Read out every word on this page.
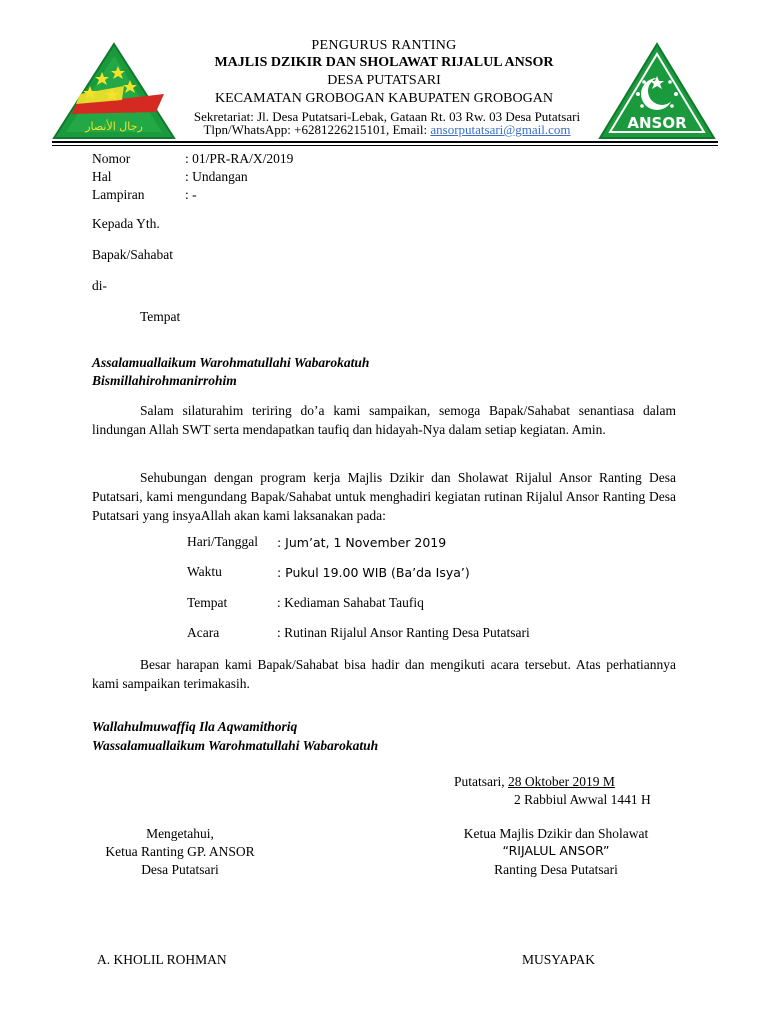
رجال الأنصار	ANSOR
PENGURUS RANTING
MAJLIS DZIKIR DAN SHOLAWAT RIJALUL ANSOR
DESA PUTATSARI
KECAMATAN GROBOGAN KABUPATEN GROBOGAN
Sekretariat: Jl. Desa Putatsari-Lebak, Gataan Rt. 03 Rw. 03 Desa Putatsari
Tlpn/WhatsApp: +6281226215101, Email: ansorputatsari@gmail.com
Nomor	: 01/PR-RA/X/2019
Hal	: Undangan
Lampiran	: -
Kepada Yth.
Bapak/Sahabat
di-
Tempat
Assalamuallaikum Warohmatullahi Wabarokatuh
Bismillahirohmanirrohim
Salam silaturahim teriring do’a kami sampaikan, semoga Bapak/Sahabat senantiasa dalam lindungan Allah SWT serta mendapatkan taufiq dan hidayah-Nya dalam setiap kegiatan. Amin.
Sehubungan dengan program kerja Majlis Dzikir dan Sholawat Rijalul Ansor Ranting Desa Putatsari, kami mengundang Bapak/Sahabat untuk menghadiri kegiatan rutinan Rijalul Ansor Ranting Desa Putatsari yang insyaAllah akan kami laksanakan pada:
Hari/Tanggal : Jum’at, 1 November 2019
Waktu	: Pukul 19.00 WIB (Ba’da Isya’)
Tempat	: Kediaman Sahabat Taufiq
Acara	: Rutinan Rijalul Ansor Ranting Desa Putatsari
Besar harapan kami Bapak/Sahabat bisa hadir dan mengikuti acara tersebut. Atas perhatiannya kami sampaikan terimakasih.
Wallahulmuwaffiq Ila Aqwamithoriq
Wassalamuallaikum Warohmatullahi Wabarokatuh
Putatsari, 28 Oktober 2019 M
2 Rabbiul Awwal 1441 H
Mengetahui,
Ketua Ranting GP. ANSOR
Desa Putatsari
Ketua Majlis Dzikir dan Sholawat
“RIJALUL ANSOR”
Ranting Desa Putatsari
A. KHOLIL ROHMAN	MUSYAPAK
